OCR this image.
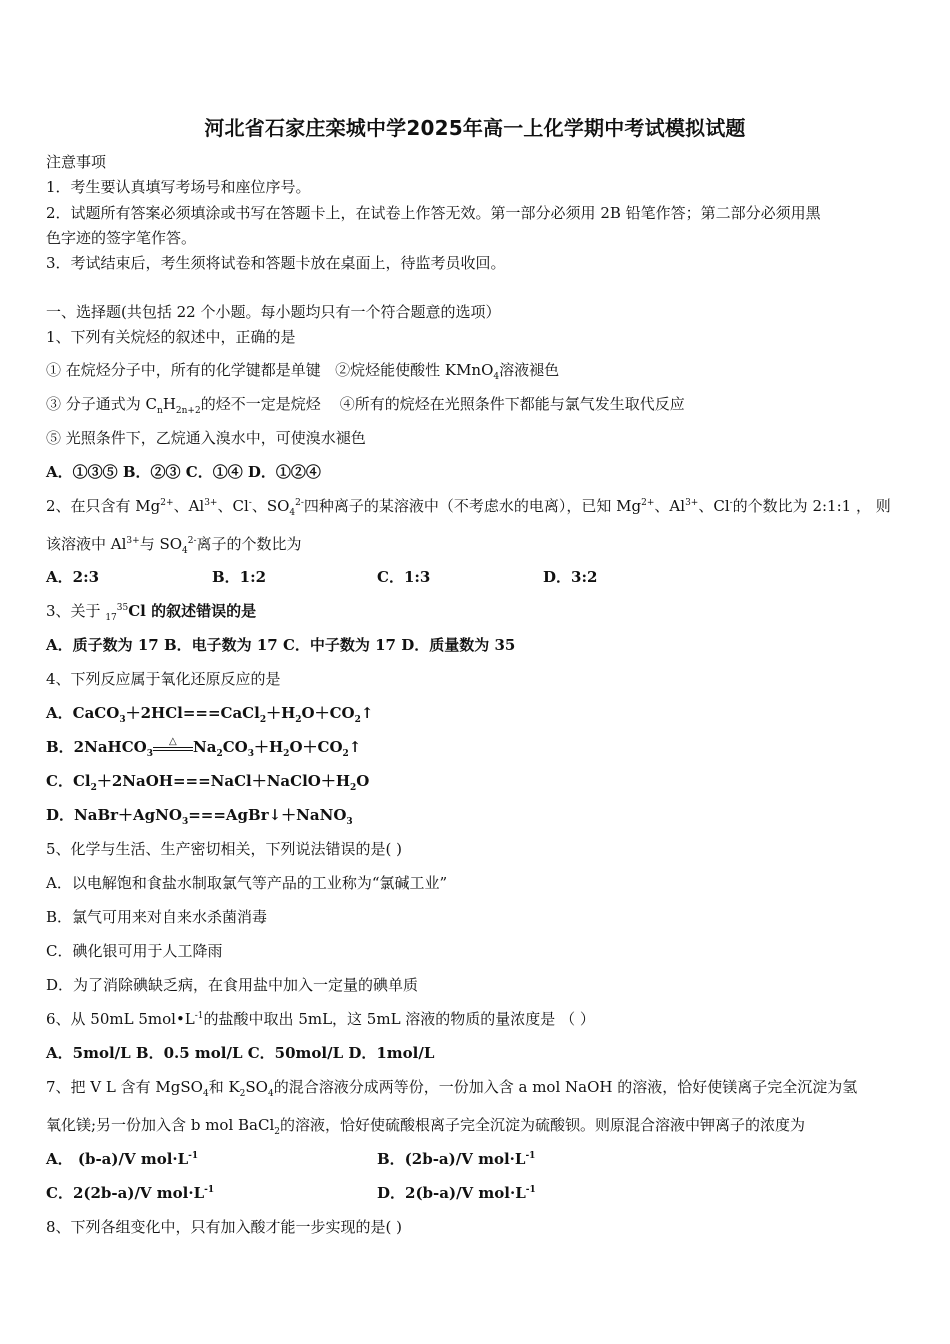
河北省石家庄栾城中学2025年高一上化学期中考试模拟试题
注意事项
1．考生要认真填写考场号和座位序号。
2．试题所有答案必须填涂或书写在答题卡上，在试卷上作答无效。第一部分必须用 2B 铅笔作答；第二部分必须用黑
色字迹的签字笔作答。
3．考试结束后，考生须将试卷和答题卡放在桌面上，待监考员收回。
一、选择题(共包括 22 个小题。每小题均只有一个符合题意的选项）
1、下列有关烷烃的叙述中，正确的是
① 在烷烃分子中，所有的化学键都是单键 ②烷烃能使酸性 KMnO$_4$溶液褪色
③ 分子通式为 $C_nH_{2n+2}$的烃不一定是烷烃 ④所有的烷烃在光照条件下都能与氯气发生取代反应
⑤ 光照条件下，乙烷通入溴水中，可使溴水褪色
A．①③⑤ B．②③ C．①④ D．①②④
2、在只含有 $Mg^{2+}$、$Al^{3+}$、Cl-、$SO_4^{2-}$四种离子的某溶液中（不考虑水的电离），已知 $Mg^{2+}$、$Al^{3+}$、Cl-的个数比为 2:1:1 ， 则
该溶液中 $Al^{3+}$与 $SO_4^{2-}$离子的个数比为
A．2:3	B．1:2	C．1:3	D．3:2
3、关于 $_{17}^{35}$Cl 的叙述错误的是
A．质子数为 17 B．电子数为 17 C．中子数为 17 D．质量数为 35
4、下列反应属于氧化还原反应的是
A．$CaCO_3+2HCl===CaCl_2+H_2O+CO_2↑$
B．2NaHCO$_3$
△ $Na_2CO_3+H_2O+CO_2↑$
C．$Cl_2+2NaOH===NaCl+NaClO+H_2O$
D．NaBr＋AgNO$_3$===AgBr↓＋NaNO$_3$
5、化学与生活、生产密切相关，下列说法错误的是( )
A．以电解饱和食盐水制取氯气等产品的工业称为“氯碱工业”
B．氯气可用来对自来水杀菌消毒
C．碘化银可用于人工降雨
D．为了消除碘缺乏病，在食用盐中加入一定量的碘单质
6、从 50mL $5mol•L^{-1}$的盐酸中取出 5mL，这 5mL 溶液的物质的量浓度是 （ ）
A．5mol/L B．0.5 mol/L C．50mol/L D．1mol/L
7、把 V L 含有 MgSO$_4$和 $K_2SO_4$的混合溶液分成两等份，一份加入含 a mol NaOH 的溶液，恰好使镁离子完全沉淀为氢
氧化镁;另一份加入含 b mol BaCl$_2$的溶液，恰好使硫酸根离子完全沉淀为硫酸钡。则原混合溶液中钾离子的浓度为
A． (b-a)/V $mol\cdot L^{-1}$	B．(2b-a)/V $mol\cdot L^{-1}$
C．2(2b-a)/V $mol\cdot L^{-1}$	D．2(b-a)/V $mol\cdot L^{-1}$
8、下列各组变化中，只有加入酸才能一步实现的是( )
